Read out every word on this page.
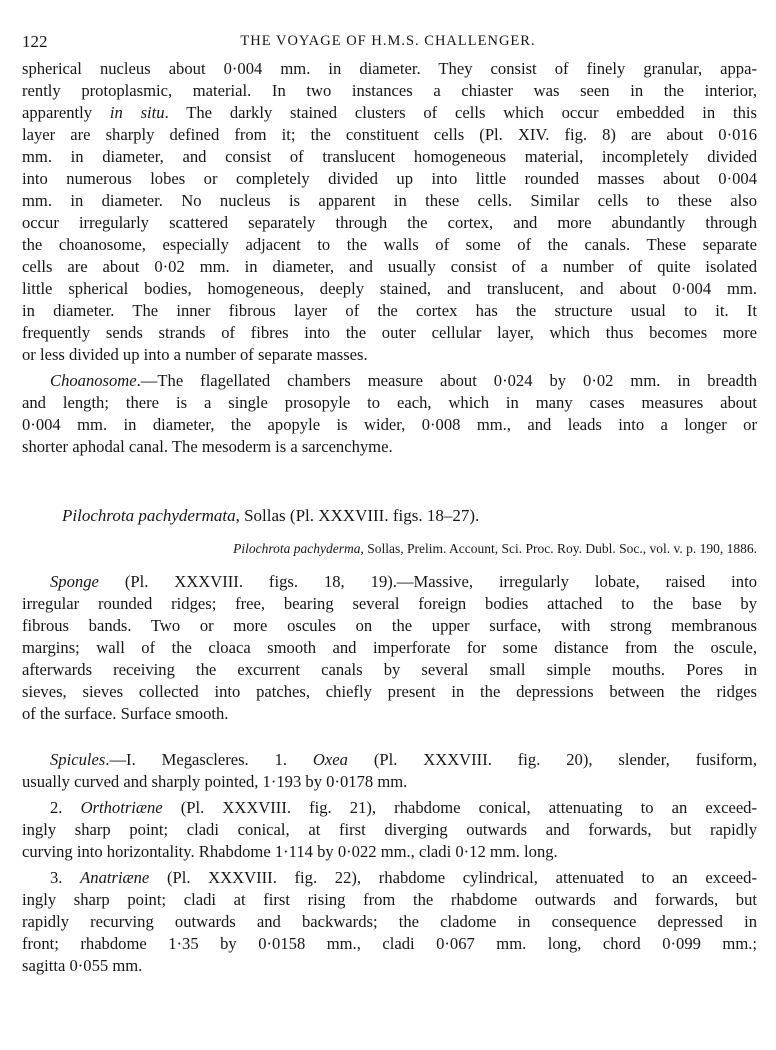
122	THE VOYAGE OF H.M.S. CHALLENGER.
spherical nucleus about 0·004 mm. in diameter. They consist of finely granular, appa-
rently protoplasmic, material. In two instances a chiaster was seen in the interior,
apparently in situ. The darkly stained clusters of cells which occur embedded in this
layer are sharply defined from it; the constituent cells (Pl. XIV. fig. 8) are about 0·016
mm. in diameter, and consist of translucent homogeneous material, incompletely divided
into numerous lobes or completely divided up into little rounded masses about 0·004
mm. in diameter. No nucleus is apparent in these cells. Similar cells to these also
occur irregularly scattered separately through the cortex, and more abundantly through
the choanosome, especially adjacent to the walls of some of the canals. These separate
cells are about 0·02 mm. in diameter, and usually consist of a number of quite isolated
little spherical bodies, homogeneous, deeply stained, and translucent, and about 0·004 mm.
in diameter. The inner fibrous layer of the cortex has the structure usual to it. It
frequently sends strands of fibres into the outer cellular layer, which thus becomes more
or less divided up into a number of separate masses.
Choanosome.—The flagellated chambers measure about 0·024 by 0·02 mm. in breadth
and length; there is a single prosopyle to each, which in many cases measures about
0·004 mm. in diameter, the apopyle is wider, 0·008 mm., and leads into a longer or
shorter aphodal canal. The mesoderm is a sarcenchyme.
Pilochrota pachydermata, Sollas (Pl. XXXVIII. figs. 18–27).
Pilochrota pachyderma, Sollas, Prelim. Account, Sci. Proc. Roy. Dubl. Soc., vol. v. p. 190, 1886.
Sponge (Pl. XXXVIII. figs. 18, 19).—Massive, irregularly lobate, raised into
irregular rounded ridges; free, bearing several foreign bodies attached to the base by
fibrous bands. Two or more oscules on the upper surface, with strong membranous
margins; wall of the cloaca smooth and imperforate for some distance from the oscule,
afterwards receiving the excurrent canals by several small simple mouths. Pores in
sieves, sieves collected into patches, chiefly present in the depressions between the ridges
of the surface. Surface smooth.
Spicules.—I. Megascleres. 1. Oxea (Pl. XXXVIII. fig. 20), slender, fusiform,
usually curved and sharply pointed, 1·193 by 0·0178 mm.
2. Orthotriæne (Pl. XXXVIII. fig. 21), rhabdome conical, attenuating to an exceed-
ingly sharp point; cladi conical, at first diverging outwards and forwards, but rapidly
curving into horizontality. Rhabdome 1·114 by 0·022 mm., cladi 0·12 mm. long.
3. Anatriæne (Pl. XXXVIII. fig. 22), rhabdome cylindrical, attenuated to an exceed-
ingly sharp point; cladi at first rising from the rhabdome outwards and forwards, but
rapidly recurving outwards and backwards; the cladome in consequence depressed in
front; rhabdome 1·35 by 0·0158 mm., cladi 0·067 mm. long, chord 0·099 mm.;
sagitta 0·055 mm.
